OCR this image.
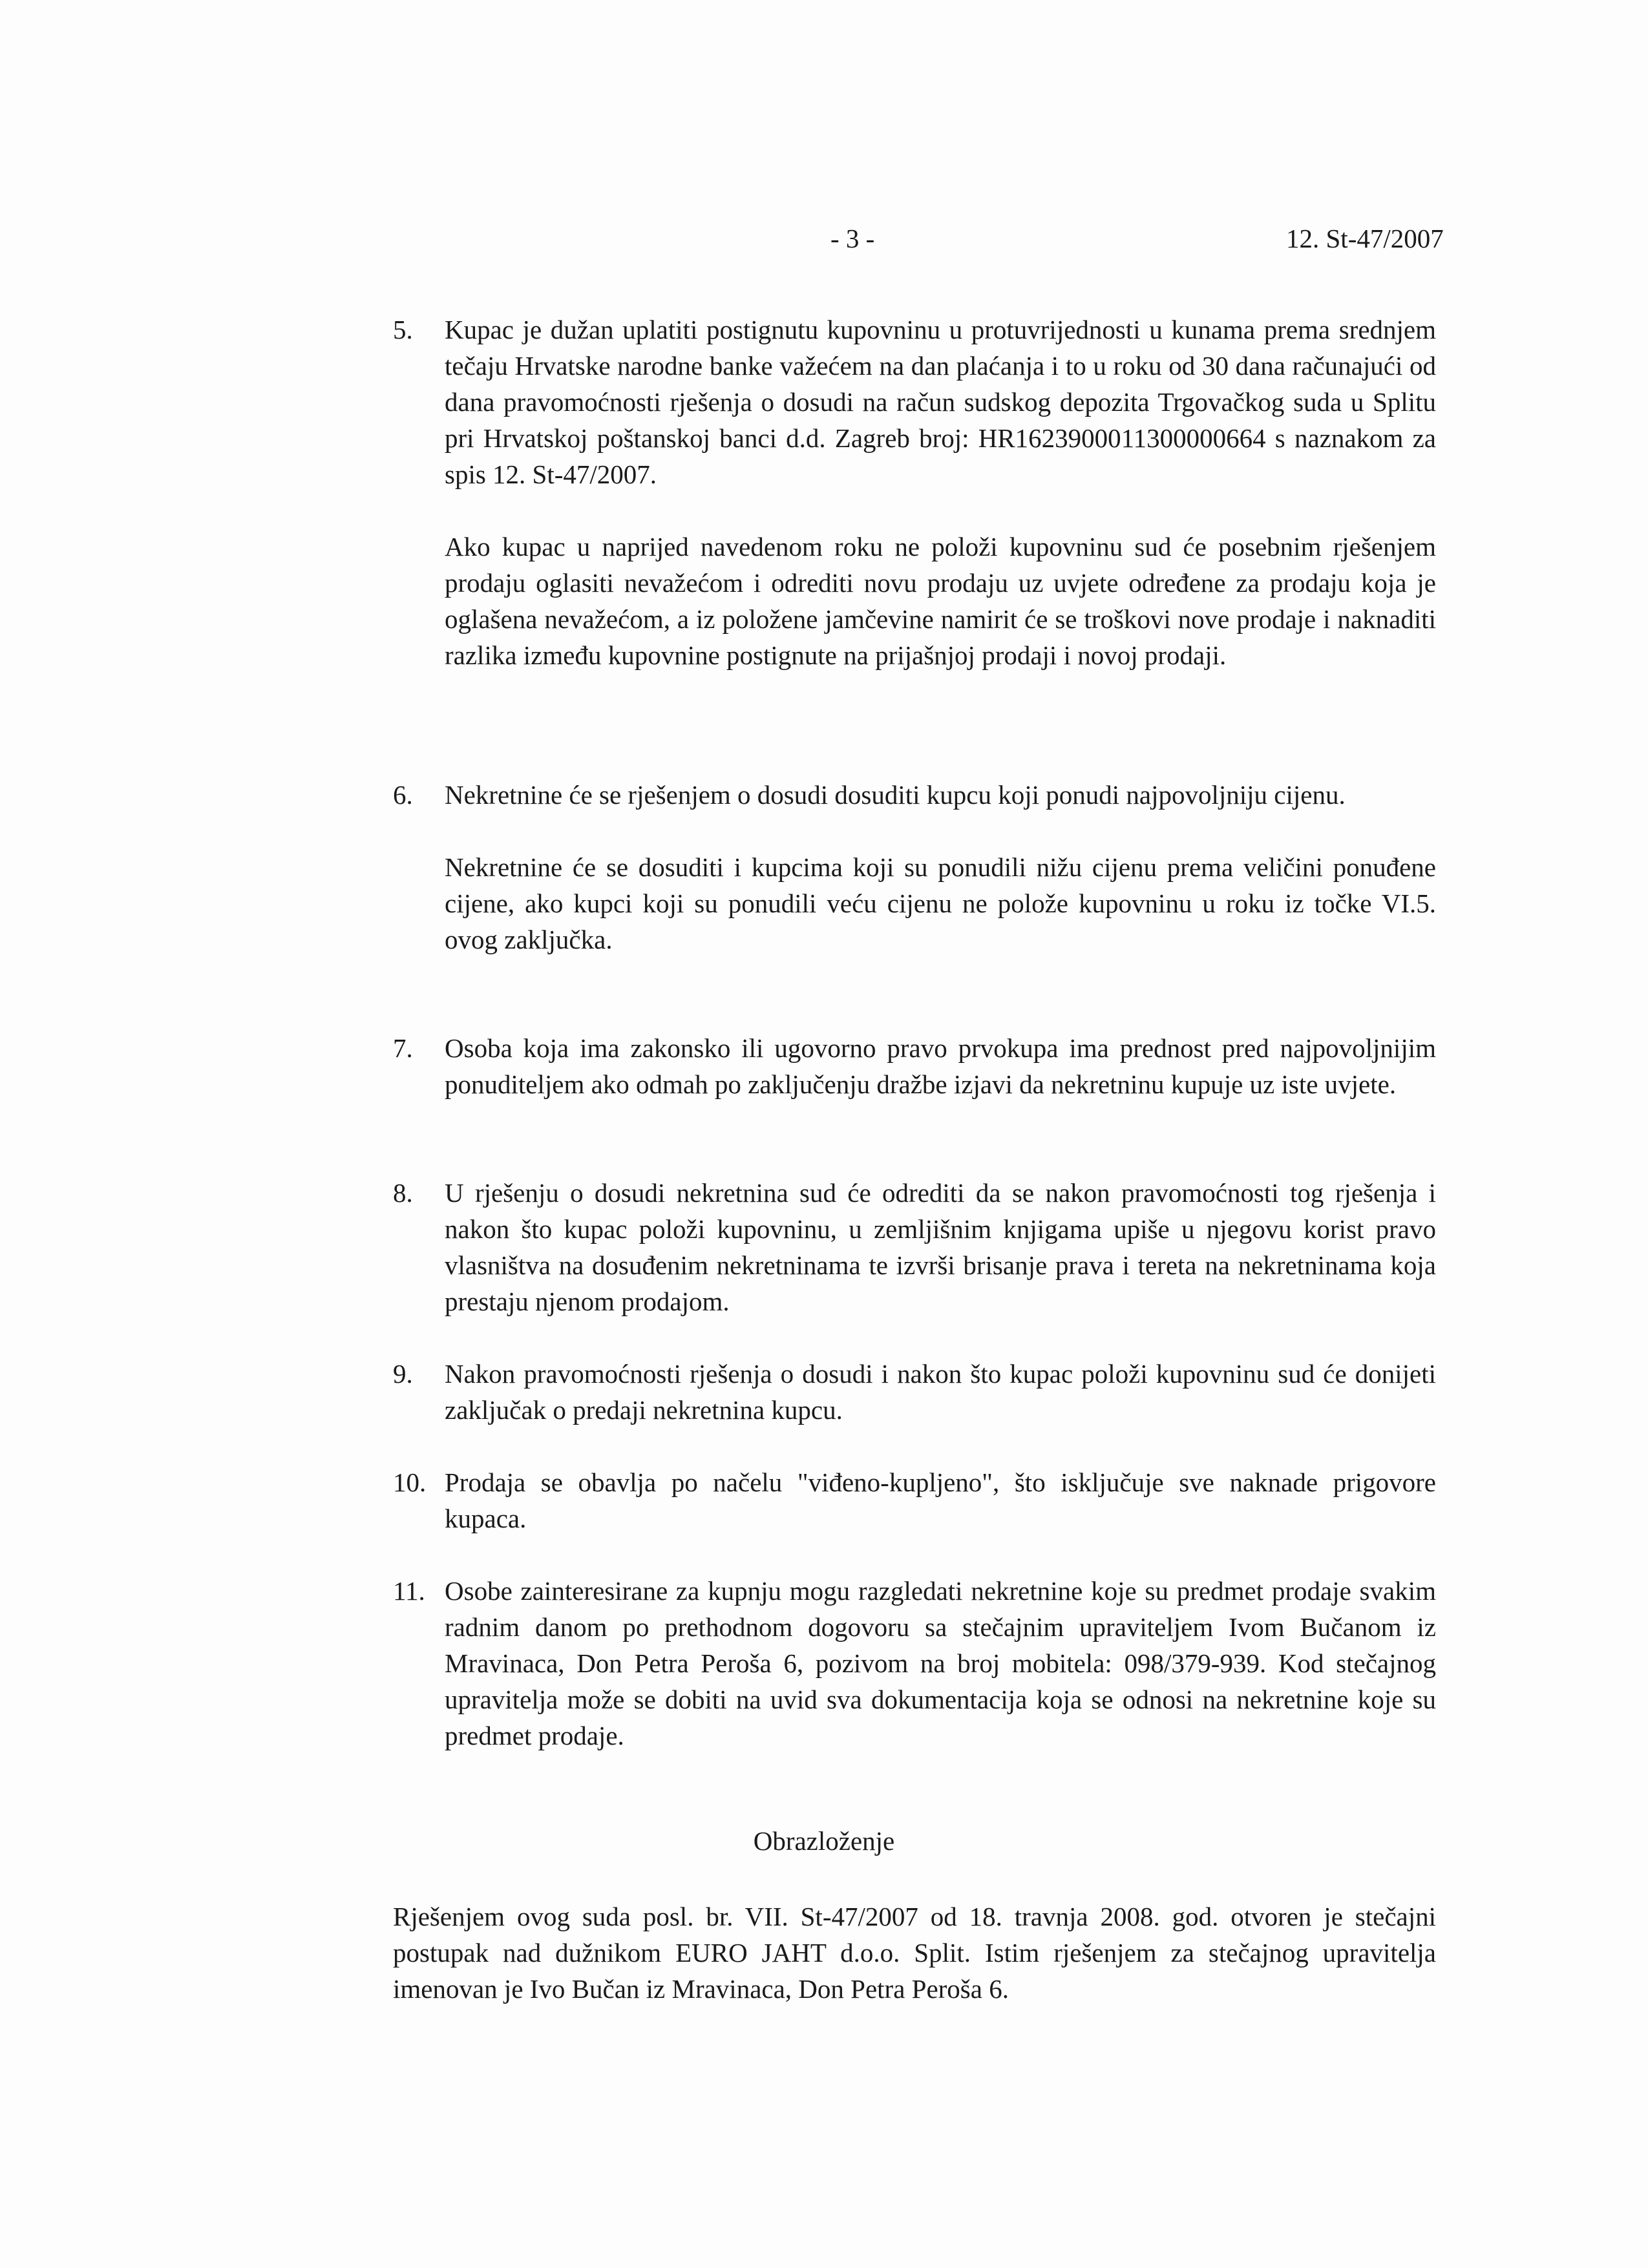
- 3 -	12. St-47/2007
5. Kupac je dužan uplatiti postignutu kupovninu u protuvrijednosti u kunama prema srednjem tečaju Hrvatske narodne banke važećem na dan plaćanja i to u roku od 30 dana računajući od dana pravomoćnosti rješenja o dosudi na račun sudskog depozita Trgovačkog suda u Splitu pri Hrvatskoj poštanskoj banci d.d. Zagreb broj: HR1623900011300000664 s naznakom za spis 12. St-47/2007.

Ako kupac u naprijed navedenom roku ne položi kupovninu sud će posebnim rješenjem prodaju oglasiti nevažećom i odrediti novu prodaju uz uvjete određene za prodaju koja je oglašena nevažećom, a iz položene jamčevine namirit će se troškovi nove prodaje i naknaditi razlika između kupovnine postignute na prijašnjoj prodaji i novoj prodaji.

6. Nekretnine će se rješenjem o dosudi dosuditi kupcu koji ponudi najpovoljniju cijenu.

Nekretnine će se dosuditi i kupcima koji su ponudili nižu cijenu prema veličini ponuđene cijene, ako kupci koji su ponudili veću cijenu ne polože kupovninu u roku iz točke VI.5. ovog zaključka.

7. Osoba koja ima zakonsko ili ugovorno pravo prvokupa ima prednost pred najpovoljnijim ponuditeljem ako odmah po zaključenju dražbe izjavi da nekretninu kupuje uz iste uvjete.

8. U rješenju o dosudi nekretnina sud će odrediti da se nakon pravomoćnosti tog rješenja i nakon što kupac položi kupovninu, u zemljišnim knjigama upiše u njegovu korist pravo vlasništva na dosuđenim nekretninama te izvrši brisanje prava i tereta na nekretninama koja prestaju njenom prodajom.

9. Nakon pravomoćnosti rješenja o dosudi i nakon što kupac položi kupovninu sud će donijeti zaključak o predaji nekretnina kupcu.

10. Prodaja se obavlja po načelu "viđeno-kupljeno", što isključuje sve naknade prigovore kupaca.

11. Osobe zainteresirane za kupnju mogu razgledati nekretnine koje su predmet prodaje svakim radnim danom po prethodnom dogovoru sa stečajnim upraviteljem Ivom Bučanom iz Mravinaca, Don Petra Peroša 6, pozivom na broj mobitela: 098/379-939. Kod stečajnog upravitelja može se dobiti na uvid sva dokumentacija koja se odnosi na nekretnine koje su predmet prodaje.

Obrazloženje
Rješenjem ovog suda posl. br. VII. St-47/2007 od 18. travnja 2008. god. otvoren je stečajni postupak nad dužnikom EURO JAHT d.o.o. Split. Istim rješenjem za stečajnog upravitelja imenovan je Ivo Bučan iz Mravinaca, Don Petra Peroša 6.
